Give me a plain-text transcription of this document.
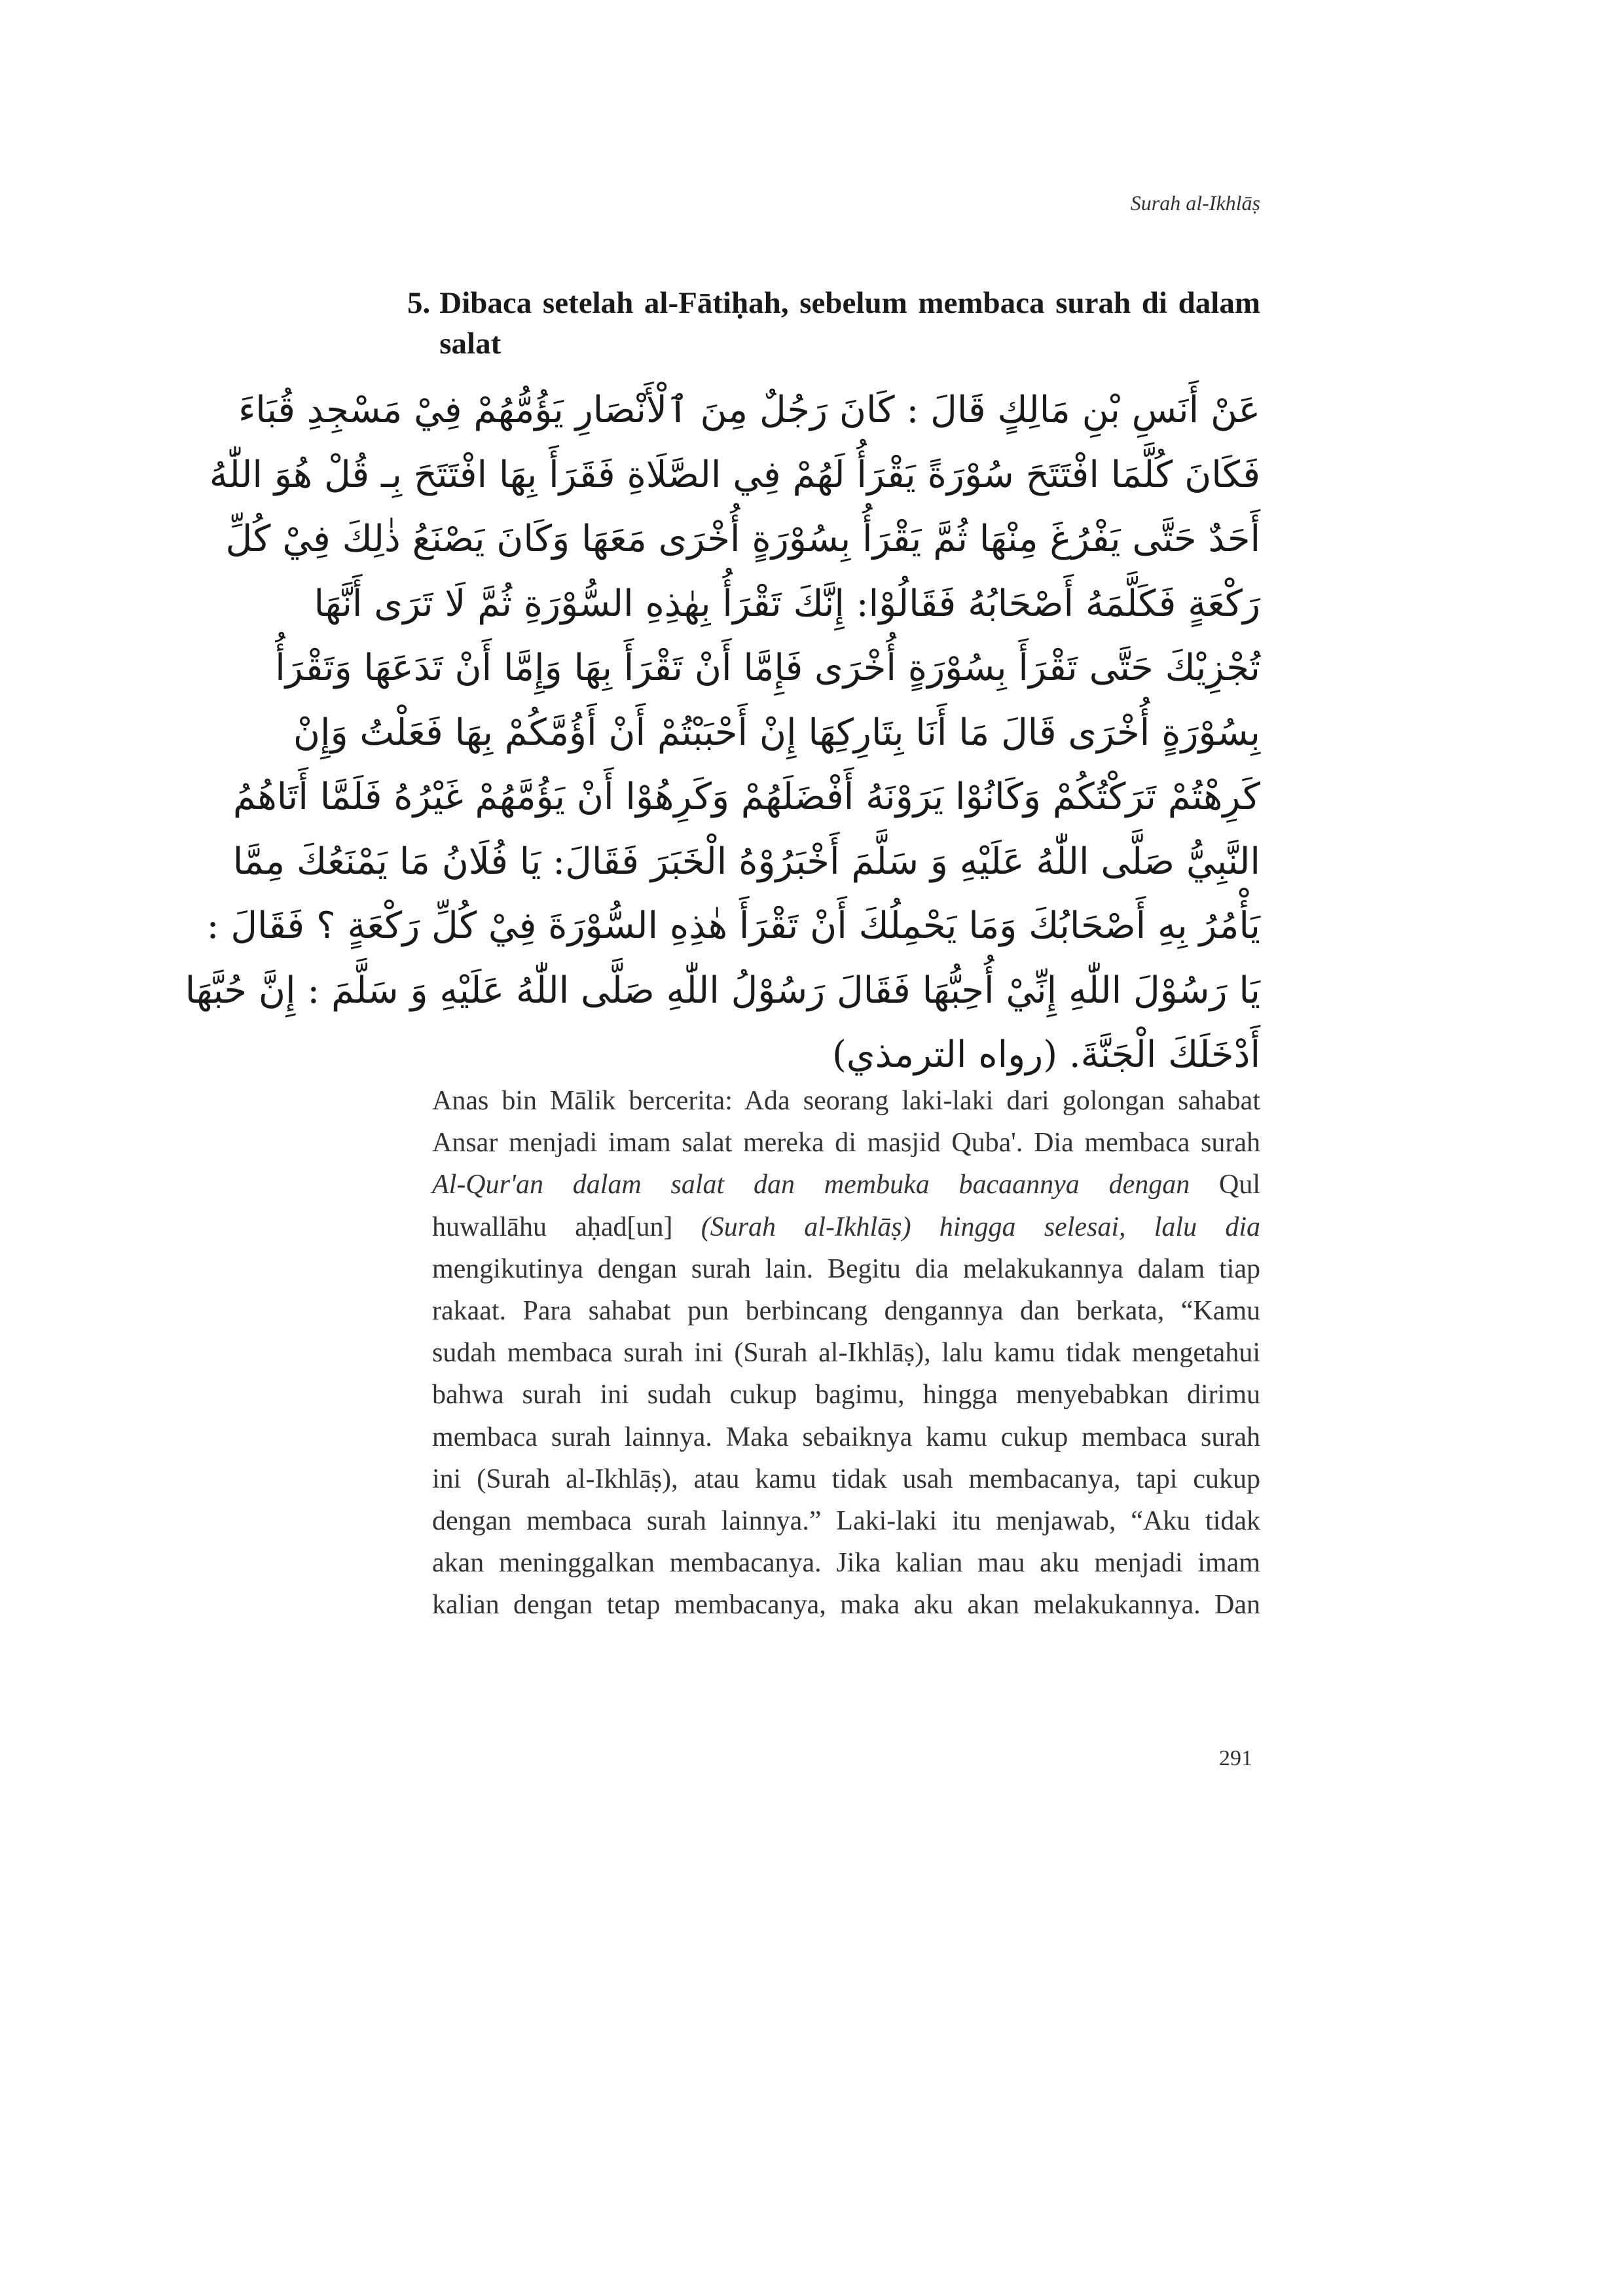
Surah al-Ikhlāṣ
5. Dibaca setelah al-Fātiḥah, sebelum membaca surah di dalam salat
عَنْ أَنَسِ بْنِ مَالِكٍ قَالَ : كَانَ رَجُلٌ مِنَ ٱلْأَنْصَارِ يَؤُمُّهُمْ فِيْ مَسْجِدِ قُبَاءَ
فَكَانَ كُلَّمَا افْتَتَحَ سُوْرَةً يَقْرَأُ لَهُمْ فِي الصَّلَاةِ فَقَرَأَ بِهَا افْتَتَحَ بِـ قُلْ هُوَ اللّٰهُ
أَحَدٌ حَتَّى يَفْرُغَ مِنْهَا ثُمَّ يَقْرَأُ بِسُوْرَةٍ أُخْرَى مَعَهَا وَكَانَ يَصْنَعُ ذٰلِكَ فِيْ كُلِّ
رَكْعَةٍ فَكَلَّمَهُ أَصْحَابُهُ فَقَالُوْا: إِنَّكَ تَقْرَأُ بِهٰذِهِ السُّوْرَةِ ثُمَّ لَا تَرَى أَنَّهَا
تُجْزِيْكَ حَتَّى تَقْرَأَ بِسُوْرَةٍ أُخْرَى فَإِمَّا أَنْ تَقْرَأَ بِهَا وَإِمَّا أَنْ تَدَعَهَا وَتَقْرَأُ
بِسُوْرَةٍ أُخْرَى قَالَ مَا أَنَا بِتَارِكِهَا إِنْ أَحْبَبْتُمْ أَنْ أَؤُمَّكُمْ بِهَا فَعَلْتُ وَإِنْ
كَرِهْتُمْ تَرَكْتُكُمْ وَكَانُوْا يَرَوْنَهُ أَفْضَلَهُمْ وَكَرِهُوْا أَنْ يَؤُمَّهُمْ غَيْرُهُ فَلَمَّا أَتَاهُمُ
النَّبِيُّ صَلَّى اللّٰهُ عَلَيْهِ وَ سَلَّمَ أَخْبَرُوْهُ الْخَبَرَ فَقَالَ: يَا فُلَانُ مَا يَمْنَعُكَ مِمَّا
يَأْمُرُ بِهِ أَصْحَابُكَ وَمَا يَحْمِلُكَ أَنْ تَقْرَأَ هٰذِهِ السُّوْرَةَ فِيْ كُلِّ رَكْعَةٍ ؟ فَقَالَ :
يَا رَسُوْلَ اللّٰهِ إِنِّيْ أُحِبُّهَا فَقَالَ رَسُوْلُ اللّٰهِ صَلَّى اللّٰهُ عَلَيْهِ وَ سَلَّمَ : إِنَّ حُبَّهَا
أَدْخَلَكَ الْجَنَّةَ. (رواه الترمذي)
Anas bin Mālik bercerita: Ada seorang laki-laki dari golongan sahabat
Ansar menjadi imam salat mereka di masjid Quba'. Dia membaca surah
Al-Qur'an dalam salat dan membuka bacaannya dengan Qul
huwallāhu aḥad[un] (Surah al-Ikhlāṣ) hingga selesai, lalu dia
mengikutinya dengan surah lain. Begitu dia melakukannya dalam tiap
rakaat. Para sahabat pun berbincang dengannya dan berkata, “Kamu
sudah membaca surah ini (Surah al-Ikhlāṣ), lalu kamu tidak mengetahui
bahwa surah ini sudah cukup bagimu, hingga menyebabkan dirimu
membaca surah lainnya. Maka sebaiknya kamu cukup membaca surah
ini (Surah al-Ikhlāṣ), atau kamu tidak usah membacanya, tapi cukup
dengan membaca surah lainnya.” Laki-laki itu menjawab, “Aku tidak
akan meninggalkan membacanya. Jika kalian mau aku menjadi imam
kalian dengan tetap membacanya, maka aku akan melakukannya. Dan
291
